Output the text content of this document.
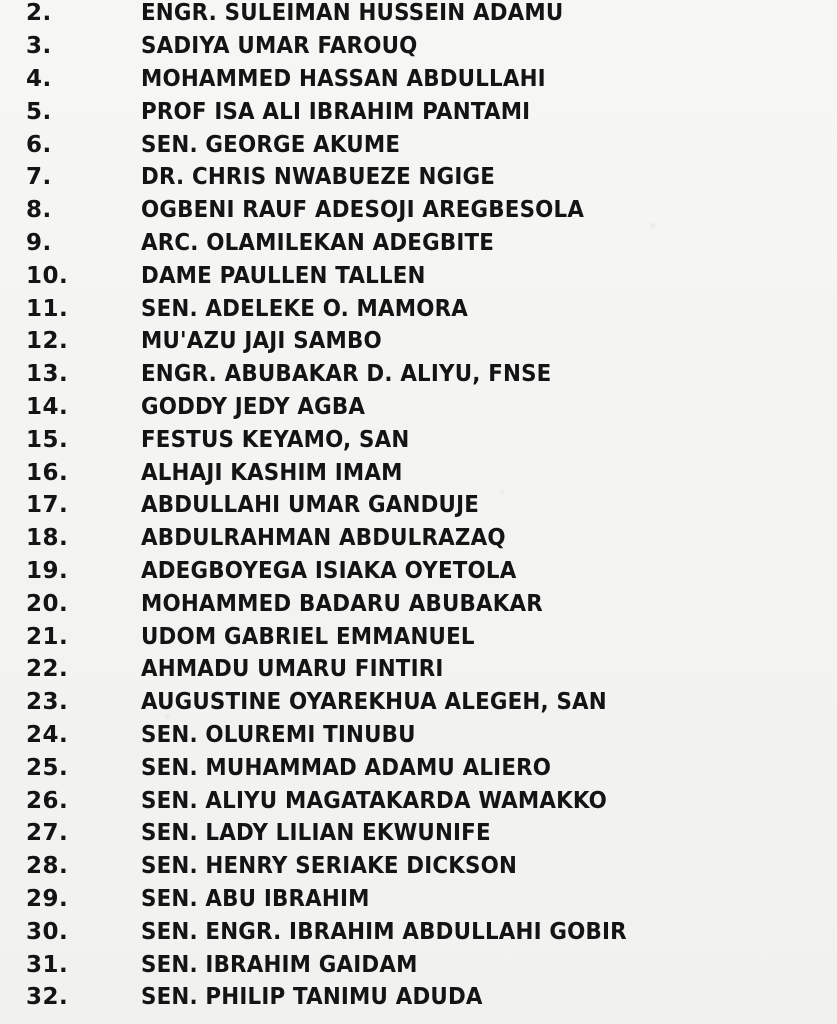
2.	ENGR. SULEIMAN HUSSEIN ADAMU
3.	SADIYA UMAR FAROUQ
4.	MOHAMMED HASSAN ABDULLAHI
5.	PROF ISA ALI IBRAHIM PANTAMI
6.	SEN. GEORGE AKUME
7.	DR. CHRIS NWABUEZE NGIGE
8.	OGBENI RAUF ADESOJI AREGBESOLA
9.	ARC. OLAMILEKAN ADEGBITE
10.	DAME PAULLEN TALLEN
11.	SEN. ADELEKE O. MAMORA
12.	MU'AZU JAJI SAMBO
13.	ENGR. ABUBAKAR D. ALIYU, FNSE
14.	GODDY JEDY AGBA
15.	FESTUS KEYAMO, SAN
16.	ALHAJI KASHIM IMAM
17.	ABDULLAHI UMAR GANDUJE
18.	ABDULRAHMAN ABDULRAZAQ
19.	ADEGBOYEGA ISIAKA OYETOLA
20.	MOHAMMED BADARU ABUBAKAR
21.	UDOM GABRIEL EMMANUEL
22.	AHMADU UMARU FINTIRI
23.	AUGUSTINE OYAREKHUA ALEGEH, SAN
24.	SEN. OLUREMI TINUBU
25.	SEN. MUHAMMAD ADAMU ALIERO
26.	SEN. ALIYU MAGATAKARDA WAMAKKO
27.	SEN. LADY LILIAN EKWUNIFE
28.	SEN. HENRY SERIAKE DICKSON
29.	SEN. ABU IBRAHIM
30.	SEN. ENGR. IBRAHIM ABDULLAHI GOBIR
31.	SEN. IBRAHIM GAIDAM
32.	SEN. PHILIP TANIMU ADUDA
